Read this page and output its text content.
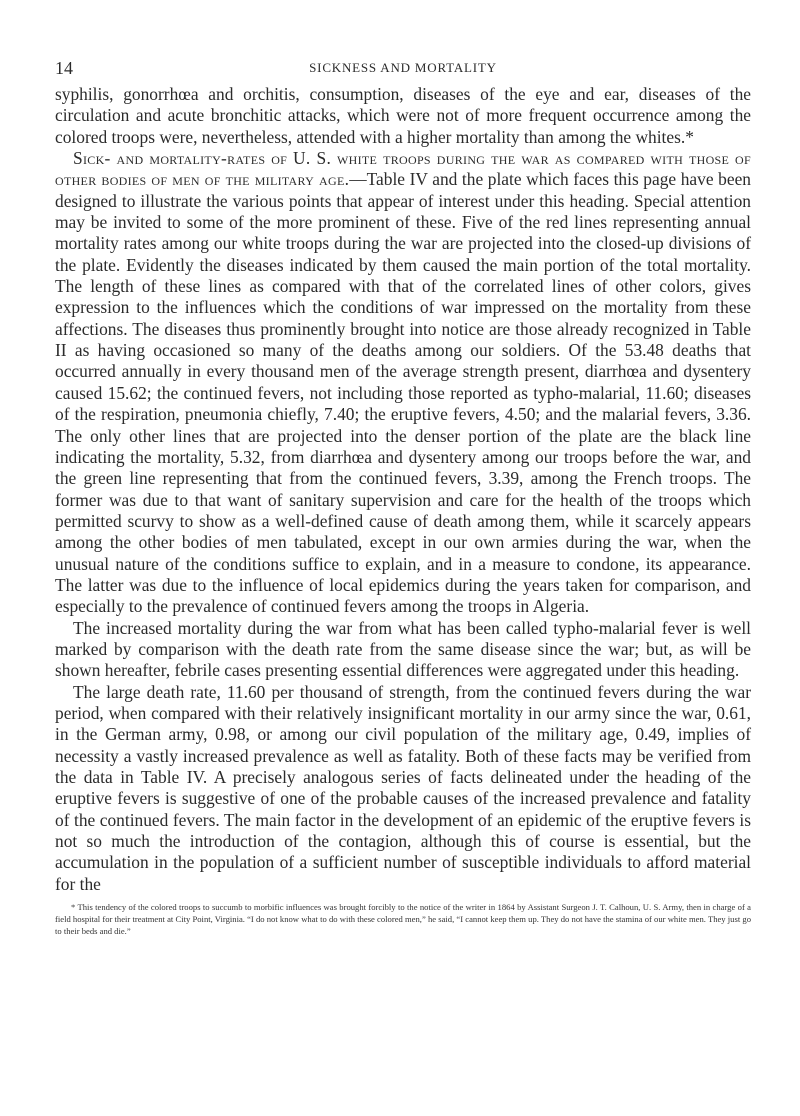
14	SICKNESS AND MORTALITY

syphilis, gonorrhœa and orchitis, consumption, diseases of the eye and ear, diseases of the circulation and acute bronchitic attacks, which were not of more frequent occurrence among the colored troops were, nevertheless, attended with a higher mortality than among the whites.*

Sick- and mortality-rates of U. S. white troops during the war as compared with those of other bodies of men of the military age.—Table IV and the plate which faces this page have been designed to illustrate the various points that appear of interest under this heading. Special attention may be invited to some of the more prominent of these. Five of the red lines representing annual mortality rates among our white troops during the war are projected into the closed-up divisions of the plate. Evidently the diseases indicated by them caused the main portion of the total mortality. The length of these lines as compared with that of the correlated lines of other colors, gives expression to the influences which the conditions of war impressed on the mortality from these affections. The diseases thus prominently brought into notice are those already recognized in Table II as having occasioned so many of the deaths among our soldiers. Of the 53.48 deaths that occurred annually in every thousand men of the average strength present, diarrhœa and dysentery caused 15.62; the continued fevers, not including those reported as typho-malarial, 11.60; diseases of the respiration, pneumonia chiefly, 7.40; the eruptive fevers, 4.50; and the malarial fevers, 3.36. The only other lines that are projected into the denser portion of the plate are the black line indicating the mortality, 5.32, from diarrhœa and dysentery among our troops before the war, and the green line representing that from the continued fevers, 3.39, among the French troops. The former was due to that want of sanitary supervision and care for the health of the troops which permitted scurvy to show as a well-defined cause of death among them, while it scarcely appears among the other bodies of men tabulated, except in our own armies during the war, when the unusual nature of the conditions suffice to explain, and in a measure to condone, its appearance. The latter was due to the influence of local epidemics during the years taken for comparison, and especially to the prevalence of continued fevers among the troops in Algeria.

The increased mortality during the war from what has been called typho-malarial fever is well marked by comparison with the death rate from the same disease since the war; but, as will be shown hereafter, febrile cases presenting essential differences were aggregated under this heading.

The large death rate, 11.60 per thousand of strength, from the continued fevers during the war period, when compared with their relatively insignificant mortality in our army since the war, 0.61, in the German army, 0.98, or among our civil population of the military age, 0.49, implies of necessity a vastly increased prevalence as well as fatality. Both of these facts may be verified from the data in Table IV. A precisely analogous series of facts delineated under the heading of the eruptive fevers is suggestive of one of the probable causes of the increased prevalence and fatality of the continued fevers. The main factor in the development of an epidemic of the eruptive fevers is not so much the introduction of the contagion, although this of course is essential, but the accumulation in the population of a sufficient number of susceptible individuals to afford material for the

* This tendency of the colored troops to succumb to morbific influences was brought forcibly to the notice of the writer in 1864 by Assistant Surgeon J. T. Calhoun, U. S. Army, then in charge of a field hospital for their treatment at City Point, Virginia. “I do not know what to do with these colored men,” he said, “I cannot keep them up. They do not have the stamina of our white men. They just go to their beds and die.”
